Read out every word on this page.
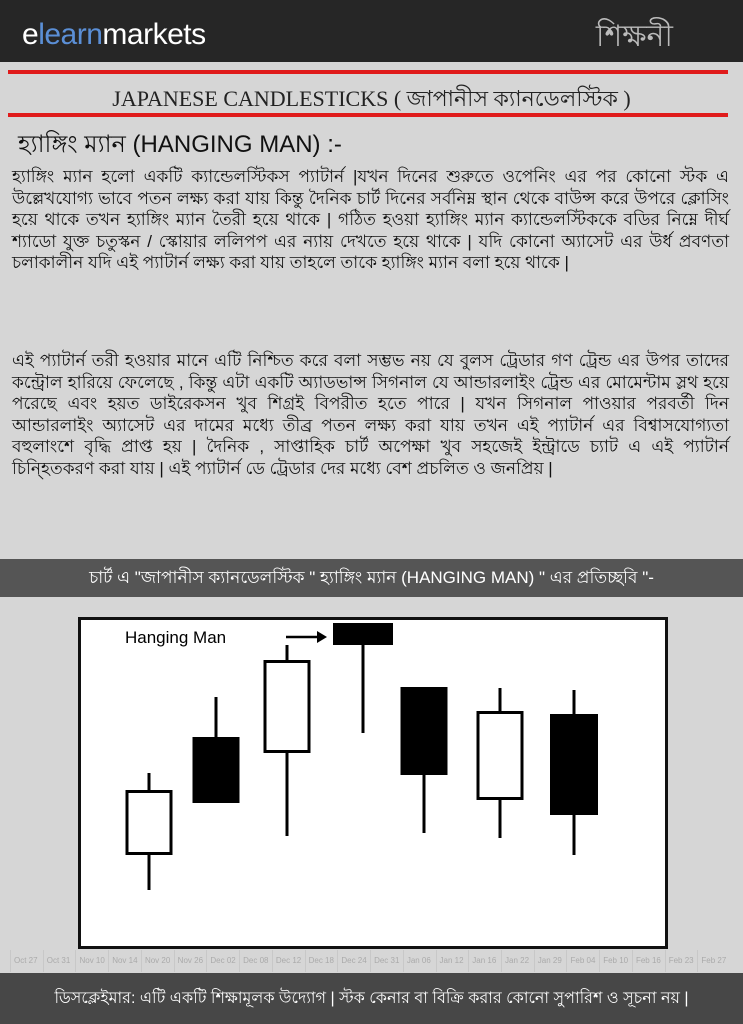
elearnmarkets	শিক্ষনী
JAPANESE CANDLESTICKS ( জাপানীস ক্যানডেলস্টিক )
হ্যাঙ্গিং ম্যান (HANGING MAN) :-
হ্যাঙ্গিং ম্যান হলো একটি ক্যান্ডেলস্টিকস প্যাটার্ন |যখন দিনের শুরুতে ওপেনিং এর পর কোনো স্টক এ উল্লেখযোগ্য ভাবে পতন লক্ষ্য করা যায় কিন্তু দৈনিক চার্ট দিনের সর্বনিম্ন স্থান থেকে বাউন্স করে উপরে ক্লোসিং হয়ে থাকে তখন হ্যাঙ্গিং ম্যান তৈরী হয়ে থাকে | গঠিত হওয়া হ্যাঙ্গিং ম্যান ক্যান্ডেলস্টিককে বডির নিম্নে দীর্ঘ শ্যাডো যুক্ত চতুস্কন / স্কোয়ার ললিপপ এর ন্যায় দেখতে হয়ে থাকে | যদি কোনো অ্যাসেট এর উর্ধ প্রবণতা চলাকালীন যদি এই প্যাটার্ন লক্ষ্য করা যায় তাহলে তাকে হ্যাঙ্গিং ম্যান বলা হয়ে থাকে |
এই প্যাটার্ন তরী হওয়ার মানে এটি নিশ্চিত করে বলা সম্ভভ নয় যে বুলস ট্রেডার গণ ট্রেন্ড এর উপর তাদের কন্ট্রোল হারিয়ে ফেলেছে , কিন্তু এটা একটি অ্যাডভান্স সিগনাল যে আন্ডারলাইং ট্রেন্ড এর মোমেন্টাম স্লথ হয়ে পরেছে এবং হয়ত ডাইরেকসন খুব শিগ্রই বিপরীত হতে পারে | যখন সিগনাল পাওয়ার পরবর্তী দিন আন্ডারলাইং অ্যাসেট এর দামের মধ্যে তীব্র পতন লক্ষ্য করা যায় তখন এই প্যাটার্ন এর বিশ্বাসযোগ্যতা বহুলাংশে বৃদ্ধি প্রাপ্ত হয় | দৈনিক , সাপ্তাহিক চার্ট অপেক্ষা খুব সহজেই ইন্ট্রাডে চ্যাট এ এই প্যাটার্ন চিন্হিতকরণ করা যায় | এই প্যাটার্ন ডে ট্রেডার দের মধ্যে বেশ প্রচলিত ও জনপ্রিয় |
চার্ট এ "জাপানীস ক্যানডেলস্টিক " হ্যাঙ্গিং ম্যান (HANGING MAN) " এর প্রতিচ্ছবি "-
Hanging Man
Oct 27	Oct 31	Nov 10 Nov 14 Nov 20 Nov 26 Dec 02 Dec 08 Dec 12 Dec 18 Dec 24 Dec 31 Jan 06	Jan 12	Jan 16	Jan 22	Jan 29	Feb 04 Feb 10 Feb 16 Feb 23 Feb 27
ডিসক্লেইমার: এটি একটি শিক্ষামূলক উদ্যোগ | স্টক কেনার বা বিক্রি করার কোনো সুপারিশ ও সূচনা নয় |
